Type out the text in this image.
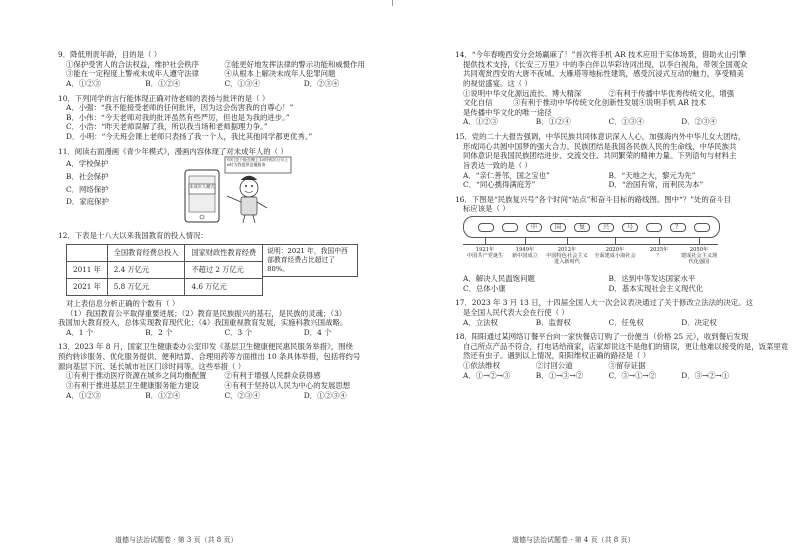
9．降低刑责年龄，目的是（ ）
①保护受害人的合法权益，维护社会秩序	②能更好地发挥法律的警示功能和威慑作用
③能在一定程度上警戒未成年人遵守法律	④从根本上解决未成年人犯罪问题
A．①②③	B．①②④	C．①③④	D．②③④
10．下列同学的言行能体现正确对待老师的表扬与批评的是（ ）
A．小强：“我不能接受老师的任何批评，因为这会伤害我的自尊心！”
B．小伟：“今天老师对我的批评虽然有些严厉，但也是为我的进步。”
C．小浩：“昨天老师误解了我，所以我当场和老师据理力争。”
D．小明：“今天班会课上老师只表扬了我一个人，我比其他同学都更优秀。”
11．阅读右面漫画《青少年模式》，漫画内容体现了对未成年人的（ ）
A．学校保护
B．社会保护
C．网络保护
D．家庭保护
你们也不能在晚上10时到次日早上6时为我提供直播服务
未成年人模式
12．下表是十八大以来我国教育的投入情况：
	全国教育经费总投入	国家财政性教育经费
2011 年	2.4 万亿元	不超过 2 万亿元
2021 年	5.8 万亿元	4.6 万亿元
说明：2021 年，我国中西部教育经费占比超过了 80%。
对上表信息分析正确的个数有（ ）
（1）我国教育公平取得重要进展；（2）教育是民族振兴的基石，是民族的灵魂；（3）
我国加大教育投入，总体实现教育现代化；（4）我国重视教育发展，实施科教兴国战略。
A．1 个	B．2 个	C．3 个	D．4 个
13．2023 年 8 月，国家卫生健康委办公室印发《基层卫生健康便民惠民服务举措》，围绕
预约转诊服务、优化服务提供、便利结算、合理用药等方面推出 10 条具体举措，包括将约号
源向基层下沉、延长城市社区门诊时间等。这些举措（ ）
①有利于推动医疗资源在城乡之间均衡配置	②有利于增强人民群众获得感
③有利于推进基层卫生健康服务能力建设	④有利于坚持以人民为中心的发展思想
A．①②③	B．①②④	C．②③④	D．①②③④
道德与法治试题卷 · 第 3 页（共 8 页）
14．“今年春晚西安分会场赢麻了！”首次将手机 AR 技术应用于实体场景，借助火山引擎
提供技术支持，《长安三万里》中的李白伴以华彩诗词出现，以李白视角，带领全国观众
共同观赏西安的大唐不夜城、大雁塔等地标性建筑，感受沉浸式互动的魅力，享受精美
的视觉盛宴。这（ ）
①说明中华文化源远流长、博大精深	②有利于传播中华优秀传统文化，增强
文化自信	③有利于推动中华传统文化创新性发展 ④说明手机 AR 技术
是传播中华文化的唯一途径
A．①②③	B．①②④	C．①③④	D．②③④
15．党的二十大报告强调，中华民族共同体意识深入人心，加强海内外中华儿女大团结，
形成同心共圆中国梦的强大合力。民族团结是我国各民族人民的生命线，中华民族共
同体意识是我国民族团结进步、交流交往、共同繁荣的精神力量。下列语句与材料主
旨表达一致的是（ ）
A．“亲仁善邻，国之宝也”	B．“天地之大，黎元为先”
C．“同心携得满庭芳”	D．“治国有常，而利民为本”
16．下图是“民族复兴号”各个时间“站点”和奋斗目标的路线图。图中“？”处的奋斗目
标应该是（ ）
中	国	复	兴	号	？
1921年
中国共产党诞生
1949年
新中国成立
2012年
中国特色社会主义进入新时代
2020年
全面建成小康社会
2035年
？
2050年
建成社会主义现代化强国
A．解决人民温饱问题	B．达到中等发达国家水平
C．总体小康	D．基本实现社会主义现代化
17．2023 年 3 月 13 日，十四届全国人大一次会议表决通过了关于修改立法法的决定。这
是全国人民代表大会在行使（ ）
A．立法权	B．监督权	C．任免权	D．决定权
18．阳阳通过某网络订餐平台向一家快餐店订购了一份便当（价格 25 元），收到餐后发现
自己所点产品不符合，打电话给商家，店家却说这不是他们的错误，更让他难以接受的是，饭菜里竟
然还有虫子。遇到以上情况，阳阳维权正确的路径是（ ）
①依法维权	②讨回公道	③留存证据
A．①→②→③	B．①→③→②	C．③→①→②	D．③→②→①
道德与法治试题卷 · 第 4 页（共 8 页）
